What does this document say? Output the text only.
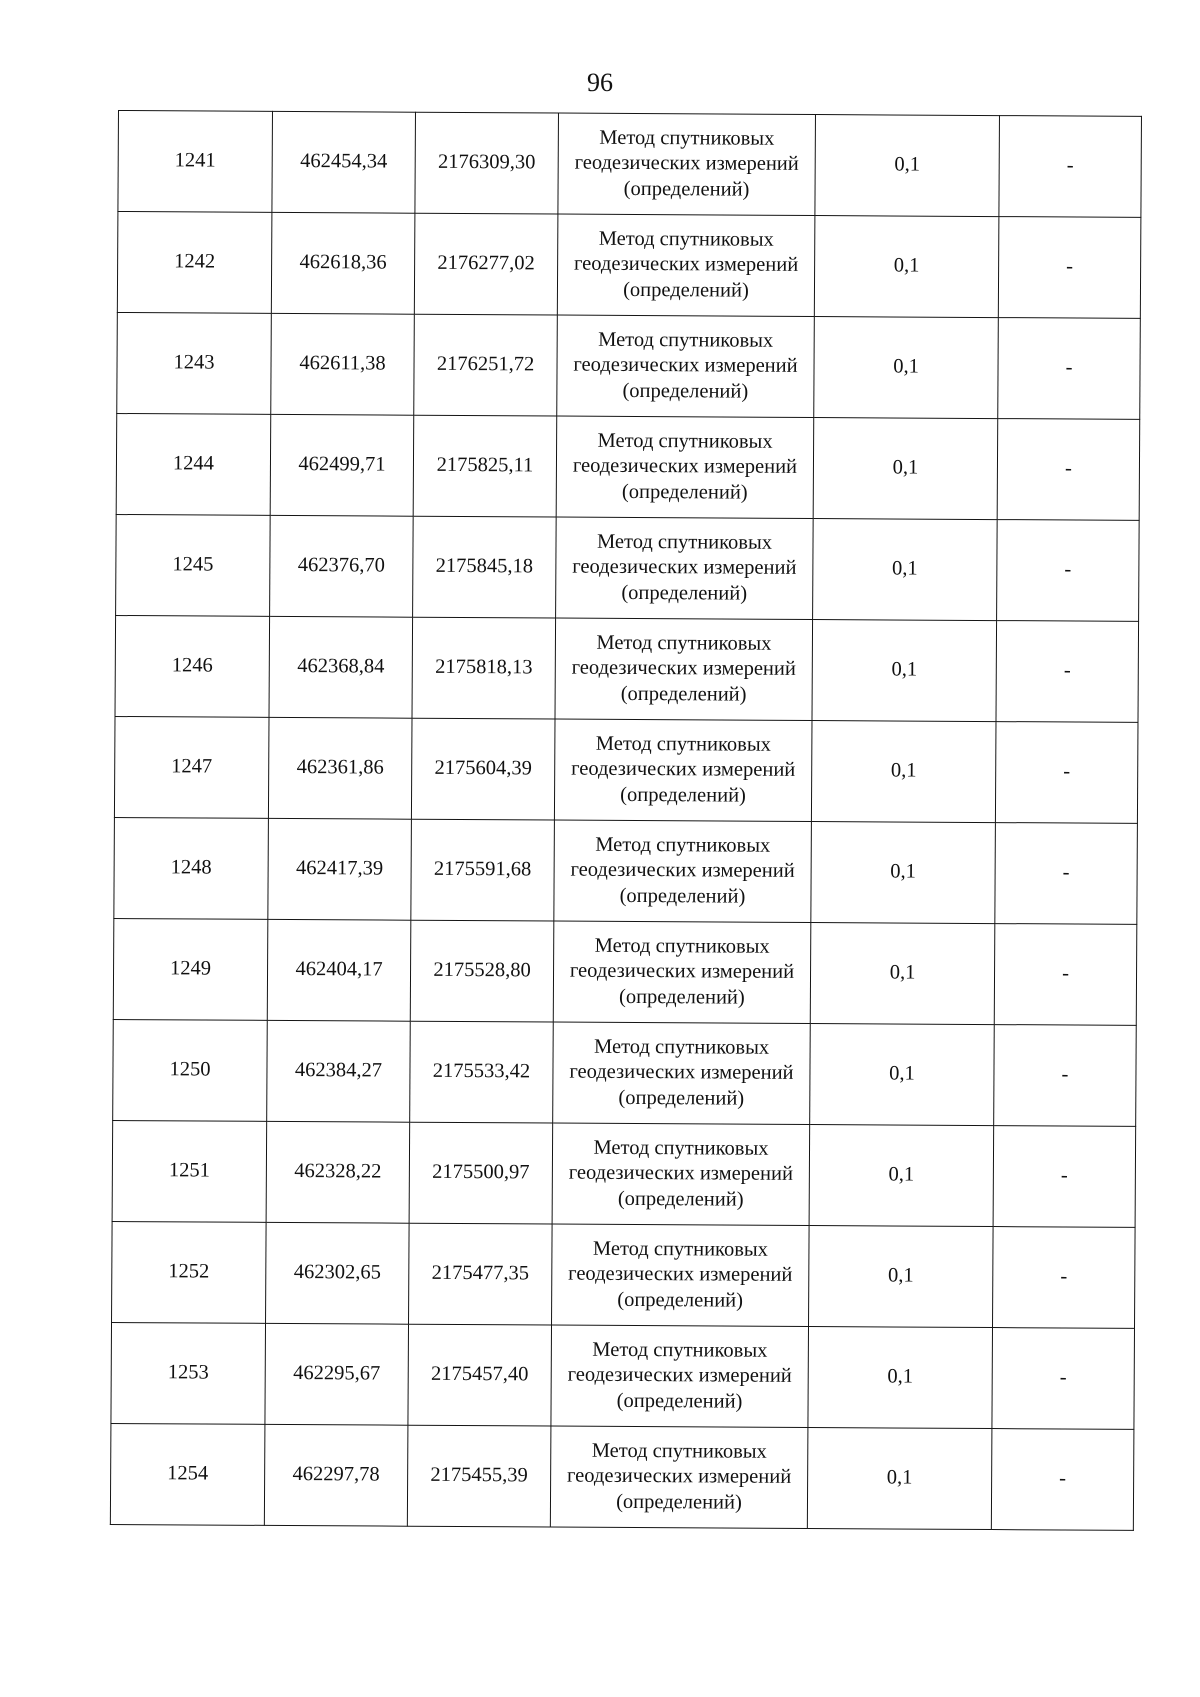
96
1241	462454,34	2176309,30	Метод спутниковых
геодезических измерений
(определений)	0,1	-
1242	462618,36	2176277,02	Метод спутниковых
геодезических измерений
(определений)	0,1	-
1243	462611,38	2176251,72	Метод спутниковых
геодезических измерений
(определений)	0,1	-
1244	462499,71	2175825,11	Метод спутниковых
геодезических измерений
(определений)	0,1	-
1245	462376,70	2175845,18	Метод спутниковых
геодезических измерений
(определений)	0,1	-
1246	462368,84	2175818,13	Метод спутниковых
геодезических измерений
(определений)	0,1	-
1247	462361,86	2175604,39	Метод спутниковых
геодезических измерений
(определений)	0,1	-
1248	462417,39	2175591,68	Метод спутниковых
геодезических измерений
(определений)	0,1	-
1249	462404,17	2175528,80	Метод спутниковых
геодезических измерений
(определений)	0,1	-
1250	462384,27	2175533,42	Метод спутниковых
геодезических измерений
(определений)	0,1	-
1251	462328,22	2175500,97	Метод спутниковых
геодезических измерений
(определений)	0,1	-
1252	462302,65	2175477,35	Метод спутниковых
геодезических измерений
(определений)	0,1	-
1253	462295,67	2175457,40	Метод спутниковых
геодезических измерений
(определений)	0,1	-
1254	462297,78	2175455,39	Метод спутниковых
геодезических измерений
(определений)	0,1	-
